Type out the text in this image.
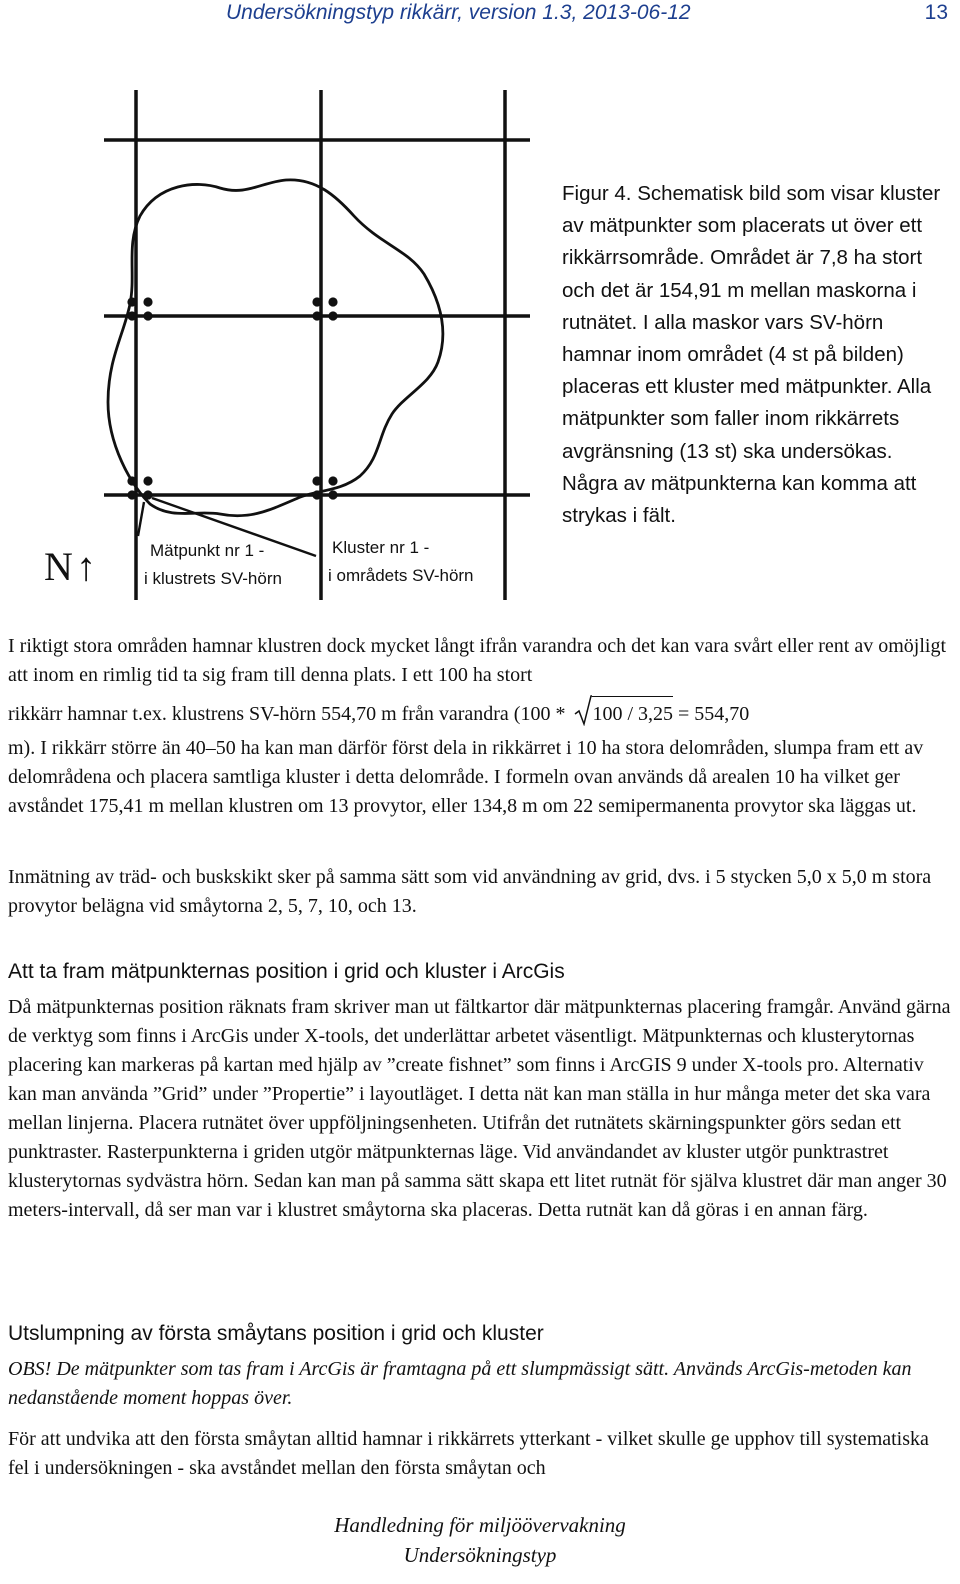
Undersökningstyp rikkärr, version 1.3, 2013-06-12	13
N ↑	Mätpunkt nr 1 -
i klustrets SV-hörn
Kluster nr 1 -
i områdets SV-hörn
Figur 4. Schematisk bild som visar kluster av mätpunkter som placerats ut över ett rikkärrsområde. Området är 7,8 ha stort och det är 154,91 m mellan maskorna i rutnätet. I alla maskor vars SV-hörn hamnar inom området (4 st på bilden) placeras ett kluster med mätpunkter. Alla mätpunkter som faller inom rikkärrets avgränsning (13 st) ska undersökas. Några av mätpunkterna kan komma att strykas i fält.

I riktigt stora områden hamnar klustren dock mycket långt ifrån varandra och det kan vara svårt eller rent av omöjligt att inom en rimlig tid ta sig fram till denna plats. I ett 100 ha stort

rikkärr hamnar t.ex. klustrens SV-hörn 554,70 m från varandra (100 * 100 / 3,25 = 554,70

m). I rikkärr större än 40–50 ha kan man därför först dela in rikkärret i 10 ha stora delområden, slumpa fram ett av delområdena och placera samtliga kluster i detta delområde. I formeln ovan används då arealen 10 ha vilket ger avståndet 175,41 m mellan klustren om 13 provytor, eller 134,8 m om 22 semipermanenta provytor ska läggas ut.

Inmätning av träd- och buskskikt sker på samma sätt som vid användning av grid, dvs. i 5 stycken 5,0 x 5,0 m stora provytor belägna vid småytorna 2, 5, 7, 10, och 13.

Att ta fram mätpunkternas position i grid och kluster i ArcGis

Då mätpunkternas position räknats fram skriver man ut fältkartor där mätpunkternas placering framgår. Använd gärna de verktyg som finns i ArcGis under X-tools, det underlättar arbetet väsentligt. Mätpunkternas och klusterytornas placering kan markeras på kartan med hjälp av ”create fishnet” som finns i ArcGIS 9 under X-tools pro. Alternativ kan man använda ”Grid” under ”Propertie” i layoutläget. I detta nät kan man ställa in hur många meter det ska vara mellan linjerna. Placera rutnätet över uppföljningsenheten. Utifrån det rutnätets skärningspunkter görs sedan ett punktraster. Rasterpunkterna i griden utgör mätpunkternas läge. Vid användandet av kluster utgör punktrastret klusterytornas sydvästra hörn. Sedan kan man på samma sätt skapa ett litet rutnät för själva klustret där man anger 30 meters-intervall, då ser man var i klustret småytorna ska placeras. Detta rutnät kan då göras i en annan färg.

Utslumpning av första småytans position i grid och kluster

OBS! De mätpunkter som tas fram i ArcGis är framtagna på ett slumpmässigt sätt. Används ArcGis-metoden kan nedanstående moment hoppas över.

För att undvika att den första småytan alltid hamnar i rikkärrets ytterkant - vilket skulle ge upphov till systematiska fel i undersökningen - ska avståndet mellan den första småytan och

Handledning för miljöövervakning
Undersökningstyp
